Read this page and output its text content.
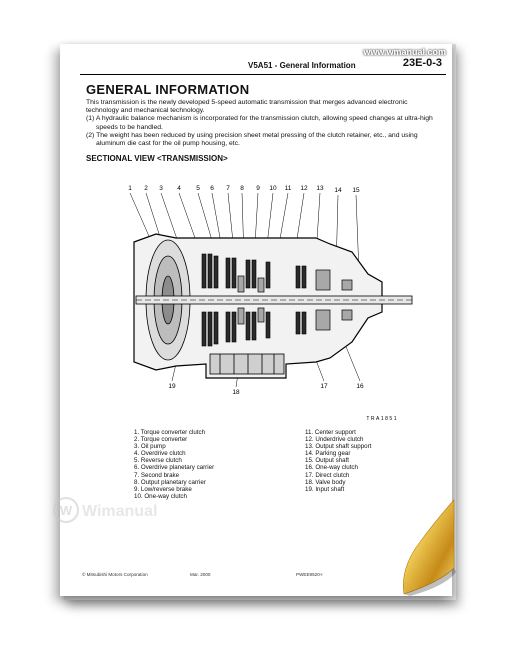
www.wmanual.com
V5A51 - General Information	23E-0-3
GENERAL INFORMATION

This transmission is the newly developed 5-speed automatic transmission that merges advanced electronic technology and mechanical technology.

(1) A hydraulic balance mechanism is incorporated for the transmission clutch, allowing speed changes at ultra-high speeds to be handled.

(2) The weight has been reduced by using precision sheet metal pressing of the clutch retainer, etc., and using aluminum die cast for the oil pump housing, etc.

SECTIONAL VIEW <TRANSMISSION>
1 2 3 4 5 6 7 8 9 10 11 12 13 14 15
19
18
17	16
TRA1851
1. Torque converter clutch
2. Torque converter
3. Oil pump
4. Overdrive clutch
5. Reverse clutch
6. Overdrive planetary carrier
7. Second brake
8. Output planetary carrier
9. Low/reverse brake
10. One-way clutch
11. Center support
12. Underdrive clutch
13. Output shaft support
14. Parking gear
15. Output shaft
16. One-way clutch
17. Direct clutch
18. Valve body
19. Input shaft
© Mitsubishi Motors Corporation	Mar. 2000	PWEE9520-I
W Wimanual
